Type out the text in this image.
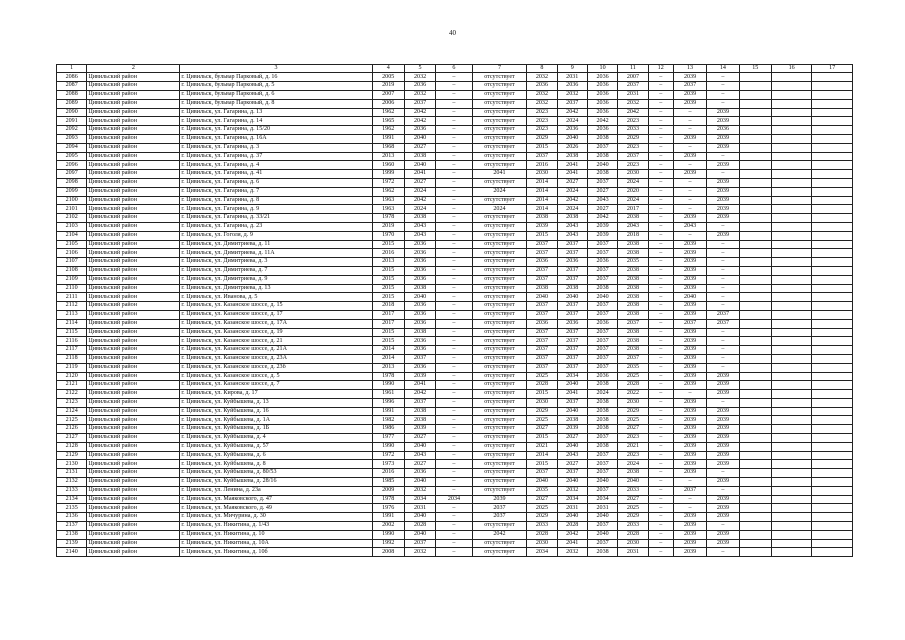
40
1	2	3	4	5	6	7	8	9	10	11	12	13	14	15	16	17
2086	Цивильский район	г. Цивильск, бульвар Парковый, д. 16	2005	2032	–	отсутствует	2032	2031	2036	2007	–	2039	–			
2087	Цивильский район	г. Цивильск, бульвар Парковый, д. 5	2019	2036	–	отсутствует	2036	2036	2036	2037	–	2037	–			
2088	Цивильский район	г. Цивильск, бульвар Парковый, д. 6	2007	2032	–	отсутствует	2032	2032	2036	2031	–	2039	–			
2089	Цивильский район	г. Цивильск, бульвар Парковый, д. 8	2006	2037	–	отсутствует	2032	2037	2036	2032	–	2039	–			
2090	Цивильский район	г. Цивильск, ул. Гагарина, д. 13	1962	2042	–	отсутствует	2023	2042	2036	2042	–	–	2039			
2091	Цивильский район	г. Цивильск, ул. Гагарина, д. 14	1965	2042	–	отсутствует	2023	2024	2042	2023	–	–	2039			
2092	Цивильский район	г. Цивильск, ул. Гагарина, д. 15/20	1962	2036	–	отсутствует	2023	2036	2036	2033	–	–	2036			
2093	Цивильский район	г. Цивильск, ул. Гагарина, д. 16А	1991	2040	–	отсутствует	2029	2040	2038	2029	–	2039	2039			
2094	Цивильский район	г. Цивильск, ул. Гагарина, д. 3	1968	2027	–	отсутствует	2015	2026	2037	2023	–	–	2039			
2095	Цивильский район	г. Цивильск, ул. Гагарина, д. 37	2013	2038	–	отсутствует	2037	2038	2038	2037	–	2039	–			
2096	Цивильский район	г. Цивильск, ул. Гагарина, д. 4	1960	2040	–	отсутствует	2016	2041	2040	2023	–	–	2039			
2097	Цивильский район	г. Цивильск, ул. Гагарина, д. 41	1999	2041	–	2041	2030	2041	2038	2030	–	2039	–			
2098	Цивильский район	г. Цивильск, ул. Гагарина, д. 6	1972	2027	–	отсутствует	2014	2027	2037	2024	–	–	2039			
2099	Цивильский район	г. Цивильск, ул. Гагарина, д. 7	1962	2024	–	2024	2014	2024	2027	2020	–	–	2039			
2100	Цивильский район	г. Цивильск, ул. Гагарина, д. 8	1963	2042	–	отсутствует	2014	2042	2043	2024	–	–	2039			
2101	Цивильский район	г. Цивильск, ул. Гагарина, д. 9	1963	2024	–	2024	2014	2024	2027	2017	–	–	2039			
2102	Цивильский район	г. Цивильск, ул. Гагарина, д. 33/21	1978	2038	–	отсутствует	2038	2038	2042	2038	–	2039	2039			
2103	Цивильский район	г. Цивильск, ул. Гагарина, д. 23	2019	2043	–	отсутствует	2039	2043	2039	2043	–	2043	–			
2104	Цивильский район	г. Цивильск, ул. Гоголя, д. 9	1970	2043	–	отсутствует	2015	2043	2039	2018	–	–	2039			
2105	Цивильский район	г. Цивильск, ул. Димитриева, д. 11	2015	2036	–	отсутствует	2037	2037	2037	2038	–	2039	–			
2106	Цивильский район	г. Цивильск, ул. Димитриева, д. 11А	2016	2036	–	отсутствует	2037	2037	2037	2038	–	2039	–			
2107	Цивильский район	г. Цивильск, ул. Димитриева, д. 3	2013	2036	–	отсутствует	2036	2036	2036	2035	–	2039	–			
2108	Цивильский район	г. Цивильск, ул. Димитриева, д. 7	2015	2036	–	отсутствует	2037	2037	2037	2038	–	2039	–			
2109	Цивильский район	г. Цивильск, ул. Димитриева, д. 9	2015	2036	–	отсутствует	2037	2037	2037	2038	–	2039	–			
2110	Цивильский район	г. Цивильск, ул. Димитриева, д. 13	2015	2038	–	отсутствует	2038	2038	2038	2038	–	2039	–			
2111	Цивильский район	г. Цивильск, ул. Иванова, д. 5	2015	2040	–	отсутствует	2040	2040	2040	2038	–	2040	–			
2112	Цивильский район	г. Цивильск, ул. Казанское шоссе, д. 15	2018	2036	–	отсутствует	2037	2037	2037	2038	–	2039	–			
2113	Цивильский район	г. Цивильск, ул. Казанское шоссе, д. 17	2017	2036	–	отсутствует	2037	2037	2037	2038	–	2039	2037			
2114	Цивильский район	г. Цивильск, ул. Казанское шоссе, д. 17А	2017	2036	–	отсутствует	2036	2036	2036	2037	–	2037	2037			
2115	Цивильский район	г. Цивильск, ул. Казанское шоссе, д. 19	2015	2038	–	отсутствует	2037	2037	2037	2038	–	2039	–			
2116	Цивильский район	г. Цивильск, ул. Казанское шоссе, д. 21	2015	2036	–	отсутствует	2037	2037	2037	2038	–	2039	–			
2117	Цивильский район	г. Цивильск, ул. Казанское шоссе, д. 21А	2014	2036	–	отсутствует	2037	2037	2037	2038	–	2039	–			
2118	Цивильский район	г. Цивильск, ул. Казанское шоссе, д. 23А	2014	2037	–	отсутствует	2037	2037	2037	2037	–	2039	–			
2119	Цивильский район	г. Цивильск, ул. Казанское шоссе, д. 23б	2013	2036	–	отсутствует	2037	2037	2037	2035	–	2039	–			
2120	Цивильский район	г. Цивильск, ул. Казанское шоссе, д. 5	1978	2039	–	отсутствует	2025	2034	2036	2025	–	2039	2039			
2121	Цивильский район	г. Цивильск, ул. Казанское шоссе, д. 7	1990	2041	–	отсутствует	2028	2040	2038	2028	–	2039	2039			
2122	Цивильский район	г. Цивильск, ул. Кирова, д. 17	1961	2042	–	отсутствует	2015	2041	2024	2022	–	–	2039			
2123	Цивильский район	г. Цивильск, ул. Куйбышева, д. 13	1996	2037	–	отсутствует	2030	2037	2038	2030	–	2039	–			
2124	Цивильский район	г. Цивильск, ул. Куйбышева, д. 16	1991	2038	–	отсутствует	2029	2040	2038	2029	–	2039	2039			
2125	Цивильский район	г. Цивильск, ул. Куйбышева, д. 1А	1982	2038	–	отсутствует	2025	2038	2038	2025	–	2039	2039			
2126	Цивильский район	г. Цивильск, ул. Куйбышева, д. 1Б	1986	2039	–	отсутствует	2027	2039	2038	2027	–	2039	2039			
2127	Цивильский район	г. Цивильск, ул. Куйбышева, д. 4	1977	2027	–	отсутствует	2015	2027	2037	2023	–	2039	2039			
2128	Цивильский район	г. Цивильск, ул. Куйбышева, д. 57	1990	2040	–	отсутствует	2021	2040	2038	2021	–	2039	2039			
2129	Цивильский район	г. Цивильск, ул. Куйбышева, д. 6	1972	2043	–	отсутствует	2014	2043	2037	2023	–	2039	2039			
2130	Цивильский район	г. Цивильск, ул. Куйбышева, д. 8	1973	2027	–	отсутствует	2015	2027	2037	2024	–	2039	2039			
2131	Цивильский район	г. Цивильск, ул. Куйбышева, д. 80/53	2016	2036	–	отсутствует	2037	2037	2037	2038	–	2039	–			
2132	Цивильский район	г. Цивильск, ул. Куйбышева, д. 28/16	1985	2040	–	отсутствует	2040	2040	2040	2040	–	–	2039			
2133	Цивильский район	г. Цивильск, ул. Ленина, д. 23а	2009	2032	–	отсутствует	2035	2032	2037	2033	–	2037	–			
2134	Цивильский район	г. Цивильск, ул. Маяковского, д. 47	1978	2034	2034	2039	2027	2034	2034	2027	–	–	2039			
2135	Цивильский район	г. Цивильск, ул. Маяковского, д. 49	1976	2031	–	2037	2025	2031	2031	2025	–	–	2039			
2136	Цивильский район	г. Цивильск, ул. Мичурина, д. 30	1991	2040	–	2037	2029	2040	2040	2029	–	2039	2039			
2137	Цивильский район	г. Цивильск, ул. Никитина, д. 1/43	2002	2028	–	отсутствует	2033	2028	2037	2033	–	2039	–			
2138	Цивильский район	г. Цивильск, ул. Никитина, д. 10	1990	2040	–	2042	2028	2042	2040	2028	–	2039	2039			
2139	Цивильский район	г. Цивильск, ул. Никитина, д. 10А	1992	2037	–	отсутствует	2030	2041	2037	2030	–	2039	2039			
2140	Цивильский район	г. Цивильск, ул. Никитина, д. 10б	2008	2032	–	отсутствует	2034	2032	2038	2031	–	2039	–			
